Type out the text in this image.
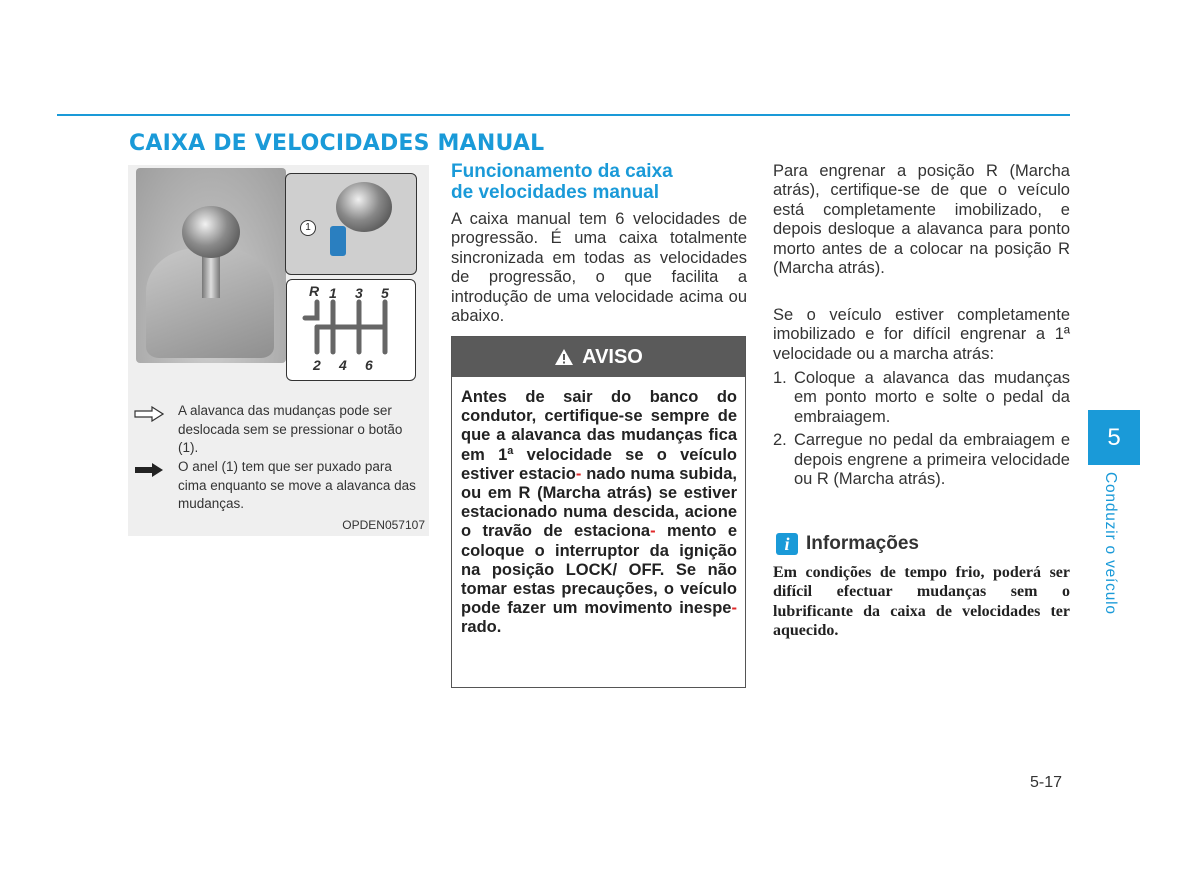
CAIXA DE VELOCIDADES MANUAL
1
R 1 3 5
2 4 6
A alavanca das mudanças pode ser deslocada sem se pressionar o botão (1).
O anel (1) tem que ser puxado para cima enquanto se move a alavanca das mudanças.
OPDEN057107
Funcionamento da caixa
de velocidades manual

A caixa manual tem 6 velocidades de progressão. É uma caixa totalmente sincronizada em todas as velocidades de progressão, o que facilita a introdução de uma velocidade acima ou abaixo.

AVISO

Antes de sair do banco do condutor, certifique-se sempre de que a alavanca das mudanças fica em 1ª velocidade se o veículo estiver estacio- nado numa subida, ou em R (Marcha atrás) se estiver estacionado numa descida, acione o travão de estaciona- mento e coloque o interruptor da ignição na posição LOCK/ OFF. Se não tomar estas precauções, o veículo pode fazer um movimento inespe- rado.

Para engrenar a posição R (Marcha atrás), certifique-se de que o veículo está completamente imobilizado, e depois desloque a alavanca para ponto morto antes de a colocar na posição R (Marcha atrás).

Se o veículo estiver completamente imobilizado e for difícil engrenar a 1ª velocidade ou a marcha atrás:

1. Coloque a alavanca das mudanças em ponto morto e solte o pedal da embraiagem.
2. Carregue no pedal da embraiagem e depois engrene a primeira velocidade ou R (Marcha atrás).
i Informações

Em condições de tempo frio, poderá ser difícil efectuar mudanças sem o lubrificante da caixa de velocidades ter aquecido.

5
Conduzir o veículo
5-17
